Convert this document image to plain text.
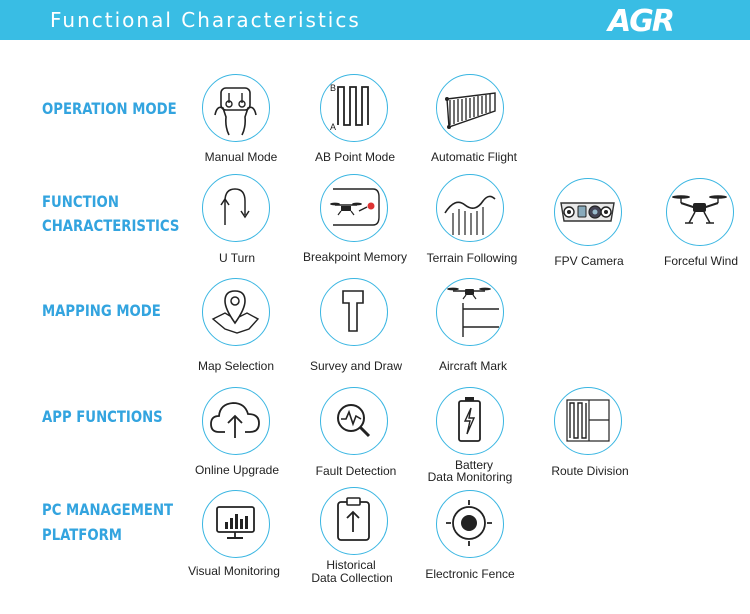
Functional Characteristics	AGR
OPERATION MODE
FUNCTION
CHARACTERISTICS
MAPPING MODE
APP FUNCTIONS
PC MANAGEMENT
PLATFORM
B
A
Manual Mode	AB Point Mode	Automatic Flight
U Turn	Breakpoint Memory	Terrain Following	FPV Camera	Forceful Wind
Map Selection	Survey and Draw	Aircraft Mark
Online Upgrade	Fault Detection	Battery
Data Monitoring	Route Division
Visual Monitoring	Historical
Data Collection	Electronic Fence
